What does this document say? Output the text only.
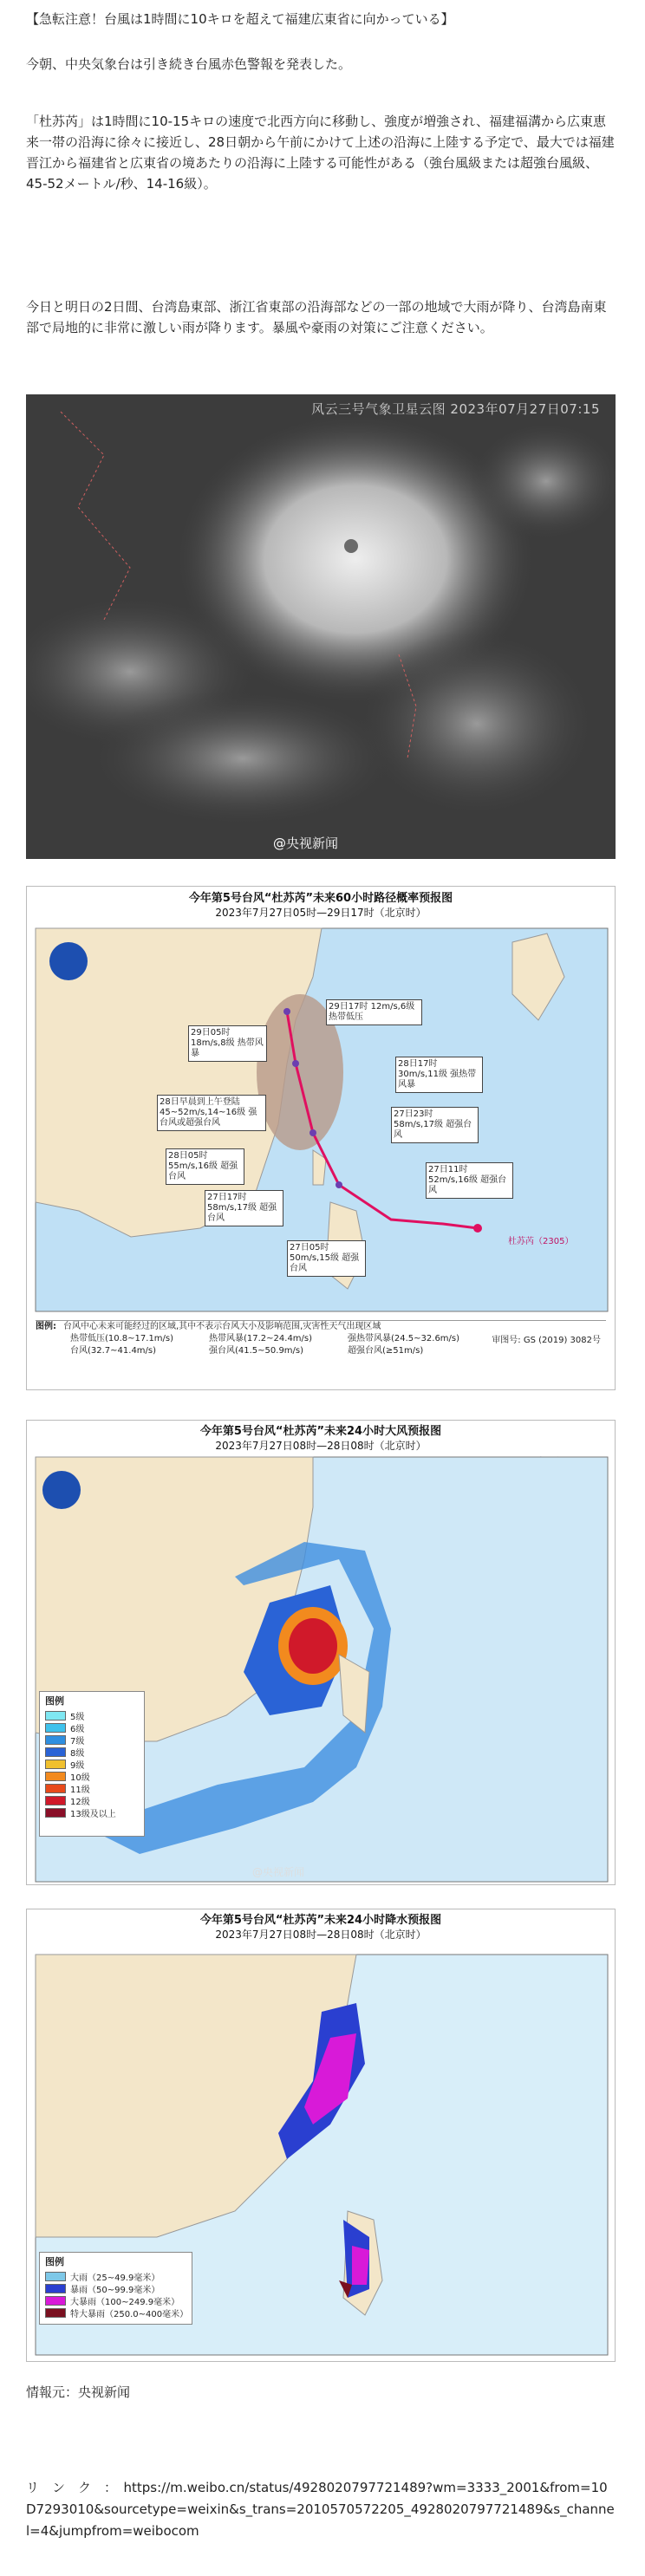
【急転注意！台風は1時間に10キロを超えて福建広東省に向かっている】

今朝、中央気象台は引き続き台風赤色警報を発表した。

「杜苏芮」は1時間に10-15キロの速度で北西方向に移動し、強度が増強され、福建福溝から広東恵来一帯の沿海に徐々に接近し、28日朝から午前にかけて上述の沿海に上陸する予定で、最大では福建晋江から福建省と広東省の境あたりの沿海に上陸する可能性がある（強台風級または超強台風級、45-52メートル/秒、14-16級）。

今日と明日の2日間、台湾島東部、浙江省東部の沿海部などの一部の地域で大雨が降り、台湾島南東部で局地的に非常に激しい雨が降ります。暴風や豪雨の対策にご注意ください。

风云三号气象卫星云图 2023年07月27日07:15
@央视新闻
今年第5号台风“杜苏芮”未来60小时路径概率预报图
2023年7月27日05时—29日17时（北京时）
29日17时 12m/s,6级 热带低压
29日05时 18m/s,8级 热带风暴
28日17时 30m/s,11级 强热带风暴
28日早晨到上午登陆 45~52m/s,14~16级 强台风或超强台风
27日23时 58m/s,17级 超强台风
28日05时 55m/s,16级 超强台风
27日11时 52m/s,16级 超强台风
27日17时 58m/s,17级 超强台风
27日05时 50m/s,15级 超强台风
杜苏芮（2305）
图例: 台风中心未来可能经过的区域,其中不表示台风大小及影响范围,灾害性天气出现区域
热带低压(10.8~17.1m/s)	热带风暴(17.2~24.4m/s)	强热带风暴(24.5~32.6m/s)
台风(32.7~41.4m/s)	强台风(41.5~50.9m/s)	超强台风(≥51m/s)
审图号: GS (2019) 3082号
今年第5号台风“杜苏芮”未来24小时大风预报图
2023年7月27日08时—28日08时（北京时）
图例
5级
6级
7级
8级
9级
10级
11级
12级
13级及以上
@央视新闻
今年第5号台风“杜苏芮”未来24小时降水预报图
2023年7月27日08时—28日08时（北京时）
图例
大雨（25~49.9毫米）
暴雨（50~99.9毫米）
大暴雨（100~249.9毫米）
特大暴雨（250.0~400毫米）

情報元：央视新闻

リ　ン　ク　：　https://m.weibo.cn/status/4928020797721489?wm=3333_2001&from=10D7293010&sourcetype=weixin&s_trans=2010570572205_4928020797721489&s_channel=4&jumpfrom=weibocom
